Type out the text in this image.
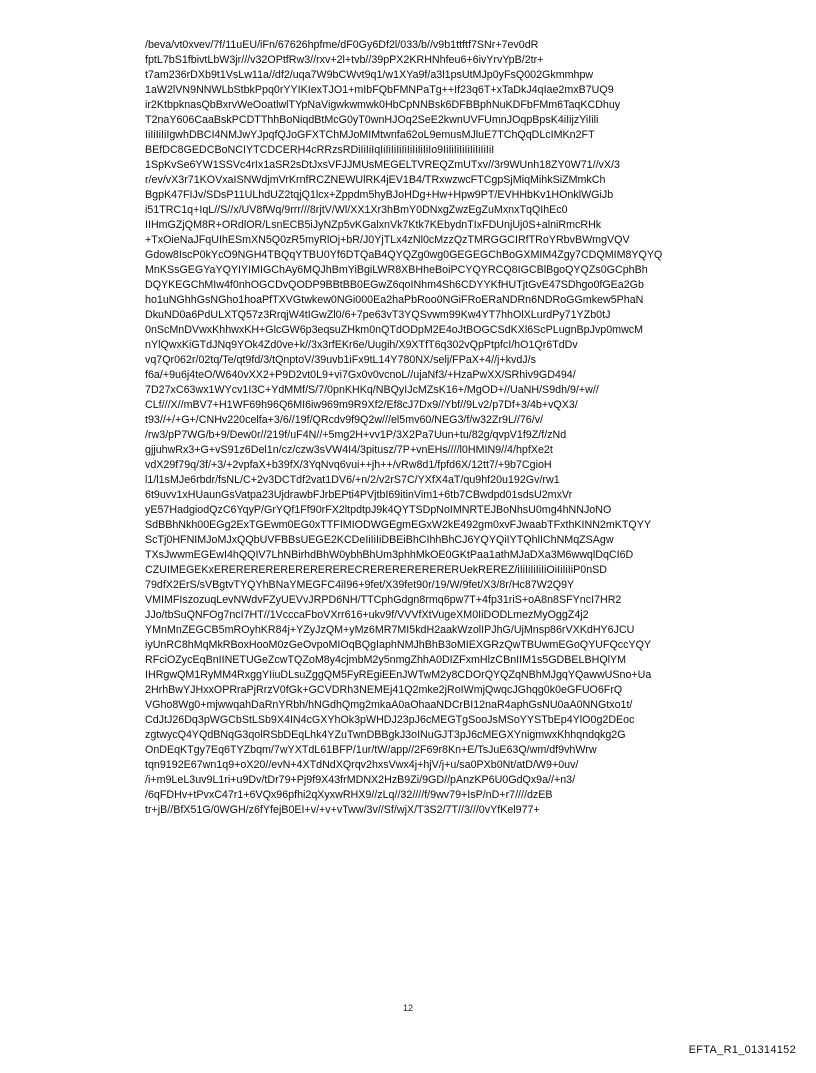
/beva/vt0xvev/7f/11uEU/iFn/67626hpfme/dF0Gy6Df2l/033/b//v9b1ttftf7SNr+7ev0dR
fptL7bS1fbivtLbW3jr///v32OPtfRw3//rxv+2l+tvb//39pPX2KRHNhfeu6+6ivYrvYpB/2tr+
t7am236rDXb9t1VsLw11a//df2/uqa7W9bCWvt9q1/w1XYa9f/a3l1psUtMJp0yFsQ002Gkmmhpw
1aW2lVN9NNWLbStbkPpq0rYYIKIexTJO1+mIbFQbFMNPaTg++If23q6T+xTaDkJ4qIae2mxB7UQ9
ir2KtbpknasQbBxrvWeOoatlwlTYpNaVigwkwmwk0HbCpNNBsk6DFBBphNuKDFbFMm6TaqKCDhuy
T2naY606CaaBskPCDTThhBoNiqdBtMcG0yT0wnHJOq2SeE2kwnUVFUmnJOqpBpsK4iIijzYiIili
IiIiIiIiIgwhDBCI4NMJwYJpqfQJoGFXTChMJoMIMtwnfa62oL9emusMJluE7TChQqDLcIMKn2FT
BEfDC8GEDCBoNCIYTCDCERH4cRRzsRDiIiIiIqIiIiIiIiIiIiIiIiIiIo9IiIiIiIiIiIiIiIiIiI
1SpKvSe6YW1SSVc4rIx1aSR2sDtJxsVFJJMUsMEGELTVREQZmUTxv//3r9WUnh18ZY0W71//vX/3
r/ev/vX3r71KOVxaISNWdjmVrKrnfRCZNEWUlRK4jEV1B4/TRxwzwcFTCgpSjMiqMihkSiZMmkCh
BgpK47FIJv/SDsP11ULhdUZ2tqjQ1lcx+Zppdm5hyBJoHDg+Hw+Hpw9PT/EVHHbKv1HOnklWGiJb
i51TRC1q+IqL//S//x/UV8fWq/9rrr///8rjtV/Wl/XX1Xr3hBmY0DNxgZwzEgZuMxnxTqQIhEc0
IIHmGZjQM8R+ORdlOR/LsnECB5iJyNZp5vKGalxnVk7Ktk7KEbydnTIxFDUnjUj0S+alniRmcRHk
+TxOieNaJFqUIhESmXN5Q0zR5myRlOj+bR/J0YjTLx4zNl0cMzzQzTMRGGCIRfTRoYRbvBWmgVQV
Gdow8IscP0kYcO9NGH4TBQqYTBU0Yf6DTQaB4QYQZg0wg0GEGEGChBoGXMIM4Zgy7CDQMIM8YQYQ
MnKSsGEGYaYQYIYIMIGChAy6MQJhBmYiBgiLWR8XBHheBoiPCYQYRCQ8IGCBlBgoQYQZs0GCphBh
DQYKEGChMIw4f0nhOGCDvQODP9BBtBB0EGwZ6qoINhm4Sh6CDYYKfHUTjtGvE47SDhgo0fGEa2Gb
ho1uNGhhGsNGho1hoaPfTXVGtwkew0NGi000Ea2haPbRoo0NGiFRoERaNDRn6NDRoGGmkew5PhaN
DkuND0a6PdULXTQ57z3RrqjW4tIGwZl0/6+7pe63vT3YQSvwm99Kw4YT7hhOlXLurdPy71YZb0tJ
0nScMnDVwxKhhwxKH+GlcGW6p3eqsuZHkm0nQTdODpM2E4oJtBOGCSdKXl6ScPLugnBpJvp0mwcM
nYlQwxKiGTdJNq9YOk4Zd0ve+k//3x3rfEKr6e/Uugih/X9XTfT6q302vQpPtpfcI/hO1Qr6TdDv
vq7Qr062r/02tq/Te/qt9fd/3/tQnptoV/39uvb1iFx9tL14Y780NX/selj/FPaX+4//j+kvdJ/s
f6a/+9u6j4teO/W640vXX2+P9D2vt0L9+vi7Gx0v0vcnoL//ujaNf3/+HzaPwXX/SRhiv9GD494/
7D27xC63wx1WYcv1I3C+YdMMf/S/7/0pnKHKq/NBQyIJcMZsK16+/MgOD+//UaNH/S9dh/9/+w//
CLf///X//mBV7+H1WF69h96Q6MI6iw969m9R9Xf2/Ef8cJ7Dx9//Ybf//9Lv2/p7Df+3/4b+vQX3/
t93//+/+G+/CNHv220celfa+3/6//19f/QRcdv9f9Q2w///el5mv60/NEG3/f/w32Zr9L//76/v/
/rw3/pP7WG/b+9/Dew0r//219f/uF4N//+5mg2H+vv1P/3X2Pa7Uun+tu/82g/qvpV1f9Z/f/zNd
gjjuhwRx3+G+vS91z6Del1n/cz/czw3sVW4I4/3pitusz/7P+vnEHs////l0HMIN9//4/hpfXe2t
vdX29f79q/3f/+3/+2vpfaX+b39fX/3YqNvq6vui++jh++/vRw8d1/fpfd6X/12tt7/+9b7CgioH
l1/l1sMJe6rbdr/fsNL/C+2v3DCTdf2vat1DV6/+n/2/v2rS7C/YXfX4aT/qu9hf20u192Gv/rw1
6t9uvv1xHUaunGsVatpa23UjdrawbFJrbEPti4PVjtbI69itinVim1+6tb7CBwdpd01sdsU2mxVr
yE57HadgiodQzC6YqyP/GrYQf1Ff90rFX2ltpdtpJ9k4QYTSDpNoIMNRTEJBoNhsU0mg4hNNJoNO
SdBBhNkh00EGg2ExTGEwm0EG0xTTFIMIODWGEgmEGxW2kE492gm0xvFJwaabTFxthKINN2mKTQYY
ScTj0HFNIMJoMJxQQbUVFBBsUEGE2KCDeIiIiIiDBEiBhCIhhBhCJ6YQYQiIYTQhlIChNMqZSAgw
TXsJwwmEGEwI4hQQIV7LhNBirhdBhW0ybhBhUm3phhMkOE0GKtPaa1athMJaDXa3M6wwqlDqCI6D
CZUIMEGEKxERERERERERERERERERECRERERERERERERUekREREZ/iIiIiIiIiIiOiIiIiIiP0nSD
79dfX2ErS/sVBgtvTYQYhBNaYMEGFC4iI96+9fet/X39fet90r/19/W/9fet/X3/8r/Hc87W2Q9Y
VMIMFIszozuqLevNWdvFZyUEVvJRPD6NH/TTCphGdgn8rmq6pw7T+4fp31riS+oA8n8SFYncI7HR2
JJo/tbSuQNFOg7ncI7HT//1VcccaFboVXrr616+ukv9f/VVVfXtVugeXM0IiDODLmezMyOggZ4j2
YMnMnZEGCB5mROyhKR84j+YZyJzQM+yMz6MR7MI5kdH2aakWzolIPJhG/UjMnsp86rVXKdHY6JCU
iyUnRC8hMqMkRBoxHooM0zGeOvpoMIOqBQgIaphNMJhBhB3oMIEXGRzQwTBUwmEGoQYUFQccYQY
RFciOZycEqBnIINETUGeZcwTQZoM8y4cjmbM2y5nmgZhhA0DIZFxmHlzCBnIIM1s5GDBELBHQlYM
IHRgwQM1RyMM4RxggYIiuDLsuZggQM5FyREgiEEnJWTwM2y8CDOrQYQZqNBhMJgqYQawwUSno+Ua
2HrhBwYJHxxOPRraPjRrzV0fGk+GCVDRh3NEMEj41Q2mke2jRoIWmjQwqcJGhqg0k0eGFUO6FrQ
VGho8Wg0+mjwwqahDaRnYRbh/hNGdhQmg2mkaA0aOhaaNDCrBI12naR4aphGsNU0aA0NNGtxo1t/
CdJtJ26Dq3pWGCbStLSb9X4IN4cGXYhOk3pWHDJ23pJ6cMEGTgSooJsMSoYYSTbEp4YlO0g2DEoc
zgtwycQ4YQdBNqG3qolRSbDEqLhk4YZuTwnDBBgkJ3oINuGJT3pJ6cMEGXYnigmwxKhhqndqkg2G
OnDEqKTgy7Eq6TYZbqm/7wYXTdL61BFP/1ur/tW/app//2F69r8Kn+E/TsJuE63Q/wm/df9vhWrw
tqn9192E67wn1q9+oX20//evN+4XTdNdXQrqv2hxsVwx4j+hjV/j+u/sa0PXb0Nt/atD/W9+0uv/
/i+m9LeL3uv9L1ri+u9Dv/tDr79+Pj9f9X43frMDNX2HzB9Zi/9GD//pAnzKP6U0GdQx9a//+n3/
/6qFDHv+tPvxC47r1+6VQx96pfhi2qXyxwRHX9//zLq//32////f/9wv79+IsP/nD+r7////dzEB
tr+jB//BfX51G/0WGH/z6fYfejB0EI+v/+v+vTww/3v//Sf/wjX/T3S2/7T//3///0vYfKel977+
12
EFTA_R1_01314152
